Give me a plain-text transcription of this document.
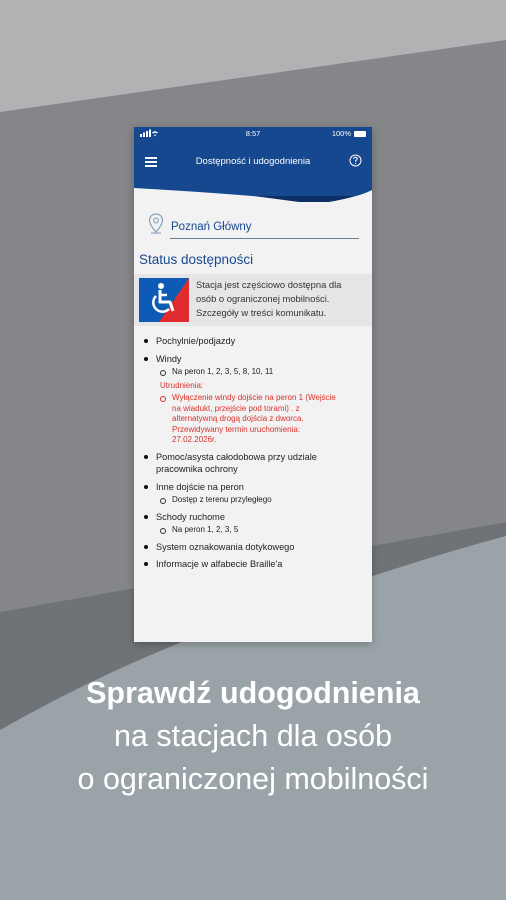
8:57	100%
Dostępność i udogodnienia
Poznań Główny
Status dostępności
Stacja jest częściowo dostępna dla
osób o ograniczonej mobilności.
Szczegóły w treści komunikatu.
Pochylnie/podjazdy
Windy
Na peron 1, 2, 3, 5, 8, 10, 11
Utrudnienia:
Wyłączenie windy dojście na peron 1 (Wejście
na wiadukt, przejście pod torami) . z
alternatywną drogą dojścia z dworca.
Przewidywany termin uruchomienia:
27.02.2026r.
Pomoc/asysta całodobowa przy udziale
pracownika ochrony
Inne dojście na peron
Dostęp z terenu przyległego
Schody ruchome
Na peron 1, 2, 3, 5
System oznakowania dotykowego
Informacje w alfabecie Braille'a
Sprawdź udogodnienia
na stacjach dla osób
o ograniczonej mobilności
